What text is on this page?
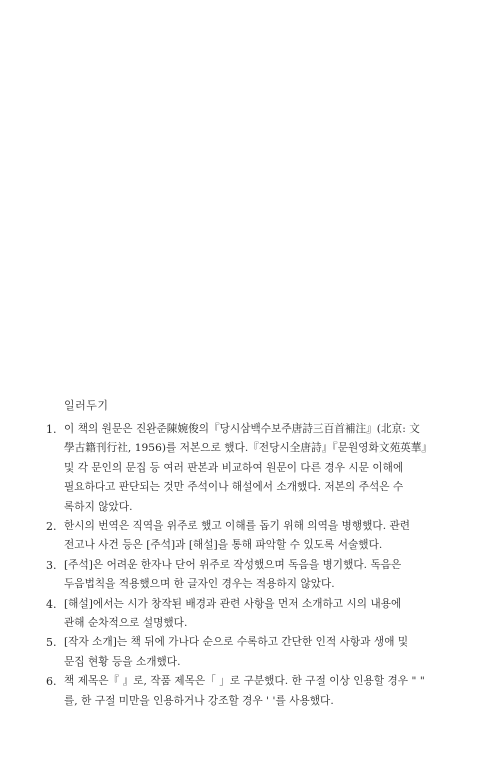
일러두기
1. 이 책의 원문은 진완준陳婉俊의『당시삼백수보주唐詩三百首補注』(北京: 文
學古籍刊行社, 1956)를 저본으로 했다.『전당시全唐詩』『문원영화文苑英華』
및 각 문인의 문집 등 여러 판본과 비교하여 원문이 다른 경우 시문 이해에
필요하다고 판단되는 것만 주석이나 해설에서 소개했다. 저본의 주석은 수
록하지 않았다.
2. 한시의 번역은 직역을 위주로 했고 이해를 돕기 위해 의역을 병행했다. 관련
전고나 사건 등은 [주석]과 [해설]을 통해 파악할 수 있도록 서술했다.
3. [주석]은 어려운 한자나 단어 위주로 작성했으며 독음을 병기했다. 독음은
두음법칙을 적용했으며 한 글자인 경우는 적용하지 않았다.
4. [해설]에서는 시가 창작된 배경과 관련 사항을 먼저 소개하고 시의 내용에
관해 순차적으로 설명했다.
5. [작자 소개]는 책 뒤에 가나다 순으로 수록하고 간단한 인적 사항과 생애 및
문집 현황 등을 소개했다.
6. 책 제목은『 』로, 작품 제목은「 」로 구분했다. 한 구절 이상 인용할 경우 " "
를, 한 구절 미만을 인용하거나 강조할 경우 ' '를 사용했다.
